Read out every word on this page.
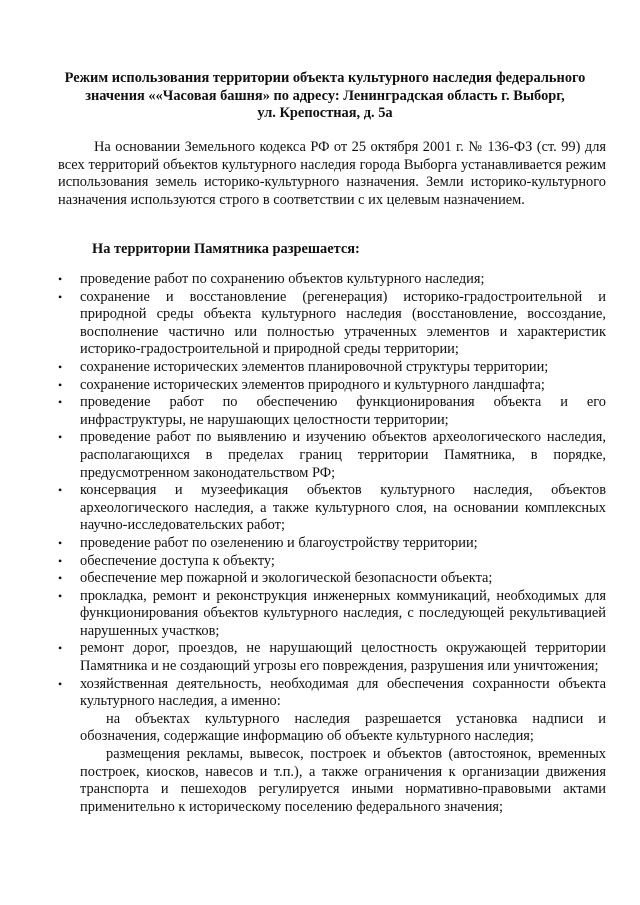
Режим использования территории объекта культурного наследия федерального
значения ««Часовая башня» по адресу: Ленинградская область г. Выборг,
ул. Крепостная, д. 5а

На основании Земельного кодекса РФ от 25 октября 2001 г. № 136-ФЗ (ст. 99) для всех территорий объектов культурного наследия города Выборга устанавливается режим использования земель историко-культурного назначения. Земли историко-культурного назначения используются строго в соответствии с их целевым назначением.

На территории Памятника разрешается:
• проведение работ по сохранению объектов культурного наследия;
• сохранение и восстановление (регенерация) историко-градостроительной и природной среды объекта культурного наследия (восстановление, воссоздание, восполнение частично или полностью утраченных элементов и характеристик историко-градостроительной и природной среды территории;
• сохранение исторических элементов планировочной структуры территории;
• сохранение исторических элементов природного и культурного ландшафта;
• проведение работ по обеспечению функционирования объекта и его инфраструктуры, не нарушающих целостности территории;
• проведение работ по выявлению и изучению объектов археологического наследия, располагающихся в пределах границ территории Памятника, в порядке, предусмотренном законодательством РФ;
• консервация и музеефикация объектов культурного наследия, объектов археологического наследия, а также культурного слоя, на основании комплексных научно-исследовательских работ;
• проведение работ по озеленению и благоустройству территории;
• обеспечение доступа к объекту;
• обеспечение мер пожарной и экологической безопасности объекта;
• прокладка, ремонт и реконструкция инженерных коммуникаций, необходимых для функционирования объектов культурного наследия, с последующей рекультивацией нарушенных участков;
• ремонт дорог, проездов, не нарушающий целостность окружающей территории Памятника и не создающий угрозы его повреждения, разрушения или уничтожения;
• хозяйственная деятельность, необходимая для обеспечения сохранности объекта культурного наследия, а именно:
на объектах культурного наследия разрешается установка надписи и обозначения, содержащие информацию об объекте культурного наследия;
размещения рекламы, вывесок, построек и объектов (автостоянок, временных построек, киосков, навесов и т.п.), а также ограничения к организации движения транспорта и пешеходов регулируется иными нормативно-правовыми актами применительно к историческому поселению федерального значения;
